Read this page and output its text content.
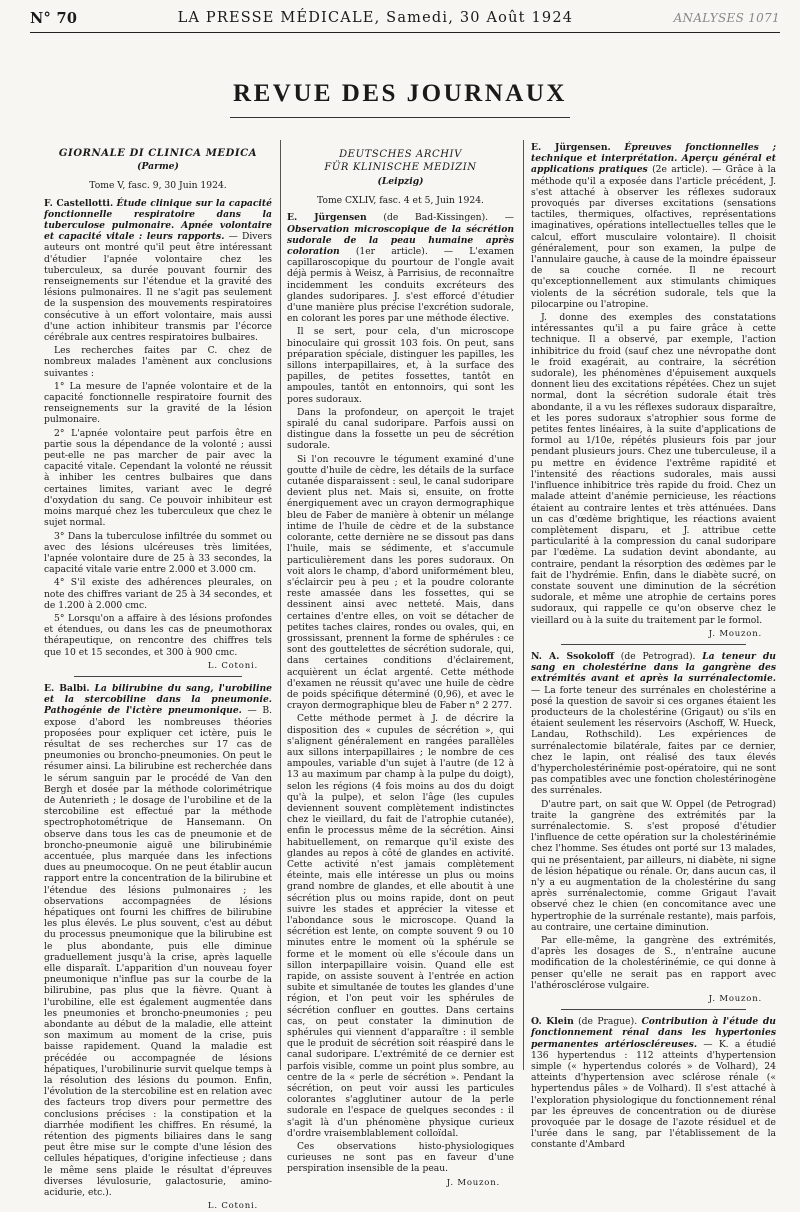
N° 70	LA PRESSE MÉDICALE, Samedi, 30 Août 1924	ANALYSES 1071
REVUE DES JOURNAUX
GIORNALE DI CLINICA MEDICA
(Parme)
Tome V, fasc. 9, 30 Juin 1924.

F. Castellotti. Étude clinique sur la capacité fonctionnelle respiratoire dans la tuberculose pulmonaire. Apnée volontaire et capacité vitale : leurs rapports. — Divers auteurs ont montré qu'il peut être intéressant d'étudier l'apnée volontaire chez les tuberculeux, sa durée pouvant fournir des renseignements sur l'étendue et la gravité des lésions pulmonaires. Il ne s'agit pas seulement de la suspension des mouvements respiratoires consécutive à un effort volontaire, mais aussi d'une action inhibiteur transmis par l'écorce cérébrale aux centres respiratoires bulbaires.

Les recherches faites par C. chez de nombreux malades l'amènent aux conclusions suivantes :

1° La mesure de l'apnée volontaire et de la capacité fonctionnelle respiratoire fournit des renseignements sur la gravité de la lésion pulmonaire.

2° L'apnée volontaire peut parfois être en partie sous la dépendance de la volonté ; aussi peut-elle ne pas marcher de pair avec la capacité vitale. Cependant la volonté ne réussit à inhiber les centres bulbaires que dans certaines limites, variant avec le degré d'oxydation du sang. Ce pouvoir inhibiteur est moins marqué chez les tuberculeux que chez le sujet normal.

3° Dans la tuberculose infiltrée du sommet ou avec des lésions ulcéreuses très limitées, l'apnée volontaire dure de 25 à 33 secondes, la capacité vitale varie entre 2.000 et 3.000 cm.

4° S'il existe des adhérences pleurales, on note des chiffres variant de 25 à 34 secondes, et de 1.200 à 2.000 cmc.

5° Lorsqu'on a affaire à des lésions profondes et étendues, ou dans les cas de pneumothorax thérapeutique, on rencontre des chiffres tels que 10 et 15 secondes, et 300 à 900 cmc.

L. Cotoni.

E. Balbi. La bilirubine du sang, l'urobiline et la stercobiline dans la pneumonie. Pathogénie de l'ictère pneumonique. — B. expose d'abord les nombreuses théories proposées pour expliquer cet ictère, puis le résultat de ses recherches sur 17 cas de pneumonies ou broncho-pneumonies. On peut le résumer ainsi. La bilirubine est recherchée dans le sérum sanguin par le procédé de Van den Bergh et dosée par la méthode colorimétrique de Autenrieth ; le dosage de l'urobiline et de la stercobiline est effectué par la méthode spectrophotométrique de Hansemann. On observe dans tous les cas de pneumonie et de broncho-pneumonie aiguë une bilirubinémie accentuée, plus marquée dans les infections dues au pneumocoque. On ne peut établir aucun rapport entre la concentration de la bilirubine et l'étendue des lésions pulmonaires ; les observations accompagnées de lésions hépatiques ont fourni les chiffres de bilirubine les plus élevés. Le plus souvent, c'est au début du processus pneumonique que la bilirubine est le plus abondante, puis elle diminue graduellement jusqu'à la crise, après laquelle elle disparaît. L'apparition d'un nouveau foyer pneumonique n'influe pas sur la courbe de la bilirubine, pas plus que la fièvre. Quant à l'urobiline, elle est également augmentée dans les pneumonies et broncho-pneumonies ; peu abondante au début de la maladie, elle atteint son maximum au moment de la crise, puis baisse rapidement. Quand la maladie est précédée ou accompagnée de lésions hépatiques, l'urobilinurie survit quelque temps à la résolution des lésions du poumon. Enfin, l'évolution de la stercobiline est en relation avec des facteurs trop divers pour permettre des conclusions précises : la constipation et la diarrhée modifient les chiffres. En résumé, la rétention des pigments biliaires dans le sang peut être mise sur le compte d'une lésion des cellules hépatiques, d'origine infectieuse ; dans le même sens plaide le résultat d'épreuves diverses lévulosurie, galactosurie, amino-acidurie, etc.).

L. Cotoni.

DEUTSCHES ARCHIV
FÜR KLINISCHE MEDIZIN
(Leipzig)
Tome CXLIV, fasc. 4 et 5, Juin 1924.

E. Jürgensen (de Bad-Kissingen). — Observation microscopique de la sécrétion sudorale de la peau humaine après coloration (1er article). — L'examen capillaroscopique du pourtour de l'ongle avait déjà permis à Weisz, à Parrisius, de reconnaître incidemment les conduits excréteurs des glandes sudoripares. J. s'est efforcé d'étudier d'une manière plus précise l'excrétion sudorale, en colorant les pores par une méthode élective.

Il se sert, pour cela, d'un microscope binoculaire qui grossit 103 fois. On peut, sans préparation spéciale, distinguer les papilles, les sillons interpapillaires, et, à la surface des papilles, de petites fossettes, tantôt en ampoules, tantôt en entonnoirs, qui sont les pores sudoraux.

Dans la profondeur, on aperçoit le trajet spiralé du canal sudoripare. Parfois aussi on distingue dans la fossette un peu de sécrétion sudorale.

Si l'on recouvre le tégument examiné d'une goutte d'huile de cèdre, les détails de la surface cutanée disparaissent : seul, le canal sudoripare devient plus net. Mais si, ensuite, on frotte énergiquement avec un crayon dermographique bleu de Faber de manière à obtenir un mélange intime de l'huile de cèdre et de la substance colorante, cette dernière ne se dissout pas dans l'huile, mais se sédimente, et s'accumule particulièrement dans les pores sudoraux. On voit alors le champ, d'abord uniformément bleu, s'éclaircir peu à peu ; et la poudre colorante reste amassée dans les fossettes, qui se dessinent ainsi avec netteté. Mais, dans certaines d'entre elles, on voit se détacher de petites taches claires, rondes ou ovales, qui, en grossissant, prennent la forme de sphérules : ce sont des gouttelettes de sécrétion sudorale, qui, dans certaines conditions d'éclairement, acquièrent un éclat argenté. Cette méthode d'examen ne réussit qu'avec une huile de cèdre de poids spécifique déterminé (0,96), et avec le crayon dermographique bleu de Faber n° 2 277.

Cette méthode permet à J. de décrire la disposition des « cupules de sécrétion », qui s'alignent généralement en rangées parallèles aux sillons interpapillaires ; le nombre de ces ampoules, variable d'un sujet à l'autre (de 12 à 13 au maximum par champ à la pulpe du doigt), selon les régions (4 fois moins au dos du doigt qu'à la pulpe), et selon l'âge (les cupules deviennent souvent complètement indistinctes chez le vieillard, du fait de l'atrophie cutanée), enfin le processus même de la sécrétion. Ainsi habituellement, on remarque qu'il existe des glandes au repos à côté de glandes en activité. Cette activité n'est jamais complètement éteinte, mais elle intéresse un plus ou moins grand nombre de glandes, et elle aboutit à une sécrétion plus ou moins rapide, dont on peut suivre les stades et apprécier la vitesse et l'abondance sous le microscope. Quand la sécrétion est lente, on compte souvent 9 ou 10 minutes entre le moment où la sphérule se forme et le moment où elle s'écoule dans un sillon interpapillaire voisin. Quand elle est rapide, on assiste souvent à l'entrée en action subite et simultanée de toutes les glandes d'une région, et l'on peut voir les sphérules de sécrétion confluer en gouttes. Dans certains cas, on peut constater la diminution de sphérules qui viennent d'apparaître : il semble que le produit de sécrétion soit réaspiré dans le canal sudoripare. L'extrémité de ce dernier est parfois visible, comme un point plus sombre, au centre de la « perle de sécrétion ». Pendant la sécrétion, on peut voir aussi les particules colorantes s'agglutiner autour de la perle sudorale en l'espace de quelques secondes : il s'agit là d'un phénomène physique curieux d'ordre vraisemblablement colloïdal.

Ces observations histo-physiologiques curieuses ne sont pas en faveur d'une perspiration insensible de la peau.

J. Mouzon.

E. Jürgensen. Épreuves fonctionnelles ; technique et interprétation. Aperçu général et applications pratiques (2e article). — Grâce à la méthode qu'il a exposée dans l'article précédent, J. s'est attaché à observer les réflexes sudoraux provoqués par diverses excitations (sensations tactiles, thermiques, olfactives, représentations imaginatives, opérations intellectuelles telles que le calcul, effort musculaire volontaire). Il choisit généralement, pour son examen, la pulpe de l'annulaire gauche, à cause de la moindre épaisseur de sa couche cornée. Il ne recourt qu'exceptionnellement aux stimulants chimiques violents de la sécrétion sudorale, tels que la pilocarpine ou l'atropine.

J. donne des exemples des constatations intéressantes qu'il a pu faire grâce à cette technique. Il a observé, par exemple, l'action inhibitrice du froid (sauf chez une névropathe dont le froid exagérait, au contraire, la sécrétion sudorale), les phénomènes d'épuisement auxquels donnent lieu des excitations répétées. Chez un sujet normal, dont la sécrétion sudorale était très abondante, il a vu les réflexes sudoraux disparaître, et les pores sudoraux s'atrophier sous forme de petites fentes linéaires, à la suite d'applications de formol au 1/10e, répétés plusieurs fois par jour pendant plusieurs jours. Chez une tuberculeuse, il a pu mettre en évidence l'extrême rapidité et l'intensité des réactions sudorales, mais aussi l'influence inhibitrice très rapide du froid. Chez un malade atteint d'anémie pernicieuse, les réactions étaient au contraire lentes et très atténuées. Dans un cas d'œdème brightique, les réactions avaient complètement disparu, et J. attribue cette particularité à la compression du canal sudoripare par l'œdème. La sudation devint abondante, au contraire, pendant la résorption des œdèmes par le fait de l'hydrémie. Enfin, dans le diabète sucré, on constate souvent une diminution de la sécrétion sudorale, et même une atrophie de certains pores sudoraux, qui rappelle ce qu'on observe chez le vieillard ou à la suite du traitement par le formol.

J. Mouzon.

N. A. Ssokoloff (de Petrograd). La teneur du sang en cholestérine dans la gangrène des extrémités avant et après la surrénalectomie. — La forte teneur des surrénales en cholestérine a posé la question de savoir si ces organes étaient les producteurs de la cholestérine (Grigaut) ou s'ils en étaient seulement les réservoirs (Aschoff, W. Hueck, Landau, Rothschild). Les expériences de surrénalectomie bilatérale, faites par ce dernier, chez le lapin, ont réalisé des taux élevés d'hypercholestérinémie post-opératoire, qui ne sont pas compatibles avec une fonction cholestérinogène des surrénales.

D'autre part, on sait que W. Oppel (de Petrograd) traite la gangrène des extrémités par la surrénalectomie. S. s'est proposé d'étudier l'influence de cette opération sur la cholestérinémie chez l'homme. Ses études ont porté sur 13 malades, qui ne présentaient, par ailleurs, ni diabète, ni signe de lésion hépatique ou rénale. Or, dans aucun cas, il n'y a eu augmentation de la cholestérine du sang après surrénalectomie, comme Grigaut l'avait observé chez le chien (en concomitance avec une hypertrophie de la surrénale restante), mais parfois, au contraire, une certaine diminution.

Par elle-même, la gangrène des extrémités, d'après les dosages de S., n'entraîne aucune modification de la cholestérinémie, ce qui donne à penser qu'elle ne serait pas en rapport avec l'athérosclérose vulgaire.

J. Mouzon.

O. Klein (de Prague). Contribution à l'étude du fonctionnement rénal dans les hypertonies permanentes artérioscléreuses. — K. a étudié 136 hypertendus : 112 atteints d'hypertension simple (« hypertendus colorés » de Volhard), 24 atteints d'hypertension avec sclérose rénale (« hypertendus pâles » de Volhard). Il s'est attaché à l'exploration physiologique du fonctionnement rénal par les épreuves de concentration ou de diurèse provoquée par le dosage de l'azote résiduel et de l'urée dans le sang, par l'établissement de la constante d'Ambard
